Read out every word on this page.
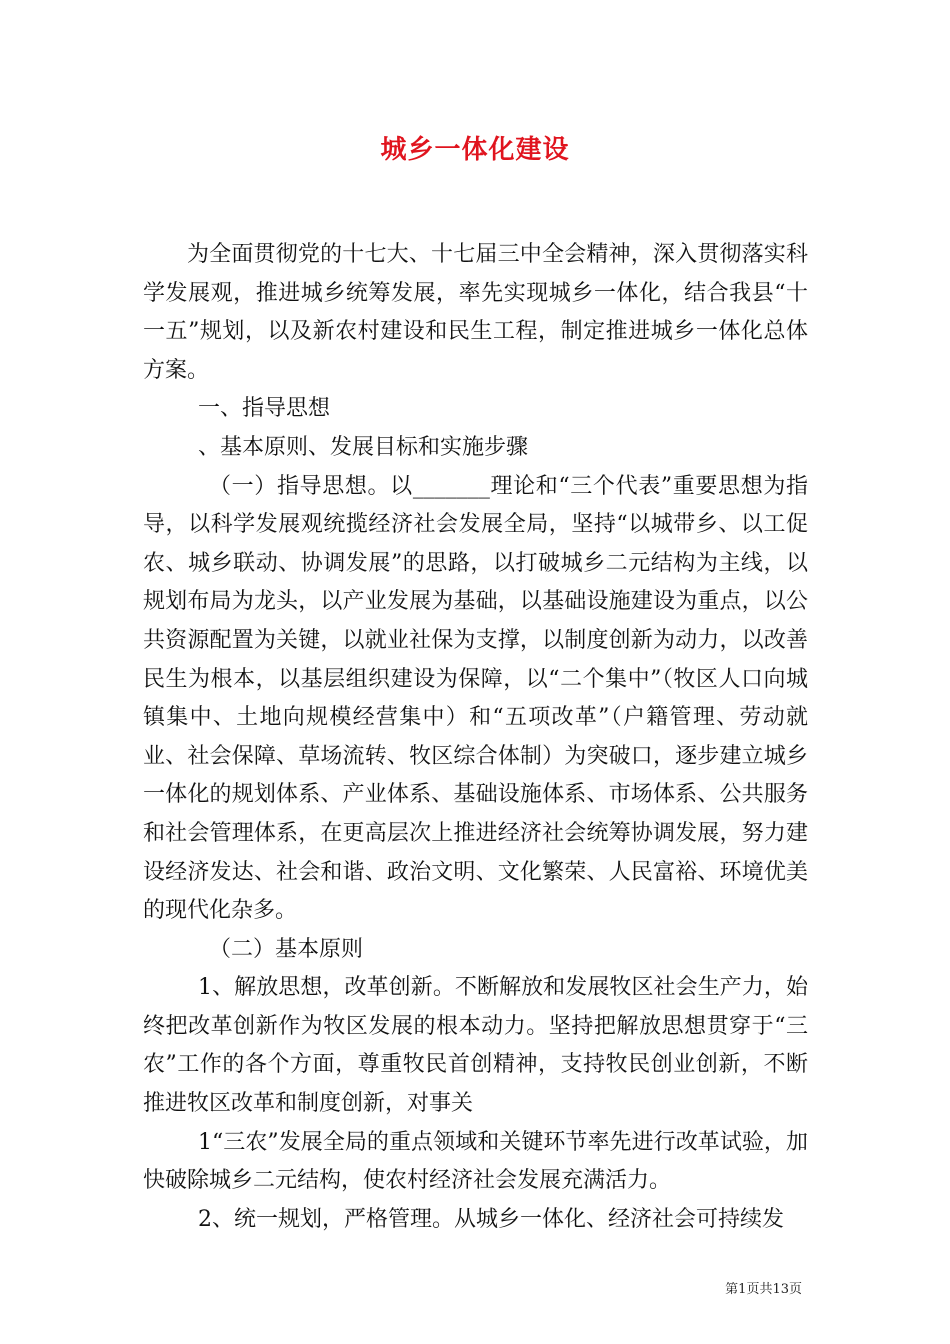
城乡一体化建设

为全面贯彻党的十七大、十七届三中全会精神，深入贯彻落实科学发展观，推进城乡统筹发展，率先实现城乡一体化，结合我县“十一五”规划，以及新农村建设和民生工程，制定推进城乡一体化总体方案。

一、指导思想

、基本原则、发展目标和实施步骤

（一）指导思想。以_______理论和“三个代表”重要思想为指导，以科学发展观统揽经济社会发展全局，坚持“以城带乡、以工促农、城乡联动、协调发展”的思路，以打破城乡二元结构为主线，以规划布局为龙头，以产业发展为基础，以基础设施建设为重点，以公共资源配置为关键，以就业社保为支撑，以制度创新为动力，以改善民生为根本，以基层组织建设为保障，以“二个集中”（牧区人口向城镇集中、土地向规模经营集中）和“五项改革”（户籍管理、劳动就业、社会保障、草场流转、牧区综合体制）为突破口，逐步建立城乡一体化的规划体系、产业体系、基础设施体系、市场体系、公共服务和社会管理体系，在更高层次上推进经济社会统筹协调发展，努力建设经济发达、社会和谐、政治文明、文化繁荣、人民富裕、环境优美的现代化杂多。

（二）基本原则

1、解放思想，改革创新。不断解放和发展牧区社会生产力，始终把改革创新作为牧区发展的根本动力。坚持把解放思想贯穿于“三农”工作的各个方面，尊重牧民首创精神，支持牧民创业创新，不断推进牧区改革和制度创新，对事关

1“三农”发展全局的重点领域和关键环节率先进行改革试验，加快破除城乡二元结构，使农村经济社会发展充满活力。

2、统一规划，严格管理。从城乡一体化、经济社会可持续发

第1页共13页
